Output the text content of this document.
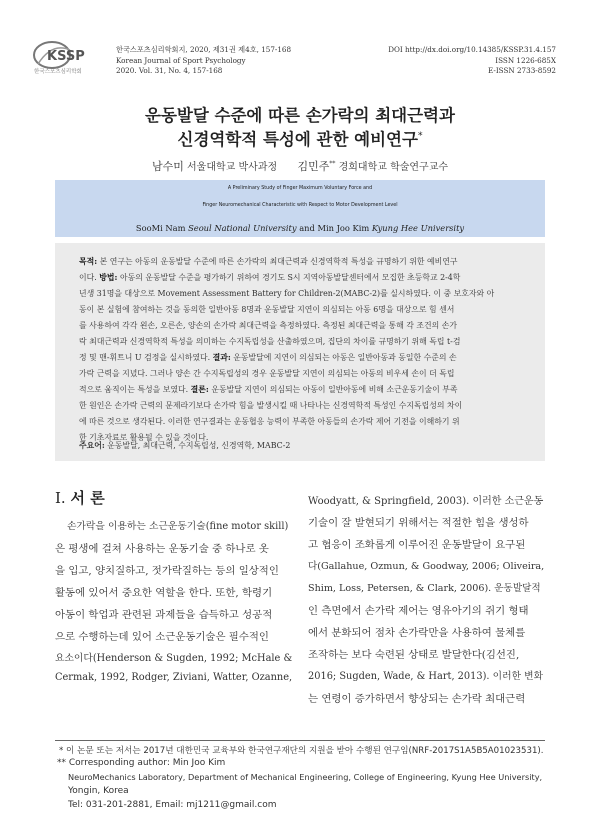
KSSP
한국스포츠심리학회
한국스포츠심리학회지, 2020, 제31권 제4호, 157-168
Korean Journal of Sport Psychology
2020. Vol. 31, No. 4, 157-168
DOI http://dx.doi.org/10.14385/KSSP.31.4.157
ISSN 1226-685X
E-ISSN 2733-8592
운동발달 수준에 따른 손가락의 최대근력과
신경역학적 특성에 관한 예비연구*
남수미 서울대학교 박사과정 김민주** 경희대학교 학술연구교수
A Preliminary Study of Finger Maximum Voluntary Force and
Finger Neuromechanical Characteristic with Respect to Motor Development Level
SooMi Nam Seoul National University and Min Joo Kim Kyung Hee University
목적: 본 연구는 아동의 운동발달 수준에 따른 손가락의 최대근력과 신경역학적 특성을 규명하기 위한 예비연구
이다. 방법: 아동의 운동발달 수준을 평가하기 위하여 경기도 S시 지역아동발달센터에서 모집한 초등학교 2-4학
년생 31명을 대상으로 Movement Assessment Battery for Children-2(MABC-2)를 실시하였다. 이 중 보호자와 아
동이 본 실험에 참여하는 것을 동의한 일반아동 8명과 운동발달 지연이 의심되는 아동 6명을 대상으로 힘 센서
를 사용하여 각각 왼손, 오른손, 양손의 손가락 최대근력을 측정하였다. 측정된 최대근력을 통해 각 조건의 손가
락 최대근력과 신경역학적 특성을 의미하는 수지독립성을 산출하였으며, 집단의 차이를 규명하기 위해 독립 t-검
정 및 맨-휘트니 U 검정을 실시하였다. 결과: 운동발달에 지연이 의심되는 아동은 일반아동과 동일한 수준의 손
가락 근력을 지녔다. 그러나 양손 간 수지독립성의 경우 운동발달 지연이 의심되는 아동의 비우세 손이 더 독립
적으로 움직이는 특성을 보였다. 결론: 운동발달 지연이 의심되는 아동이 일반아동에 비해 소근운동기술이 부족
한 원인은 손가락 근력의 문제라기보다 손가락 힘을 발생시킬 때 나타나는 신경역학적 특성인 수지독립성의 차이
에 따른 것으로 생각된다. 이러한 연구결과는 운동협응 능력이 부족한 아동들의 손가락 제어 기전을 이해하기 위
한 기초자료로 활용될 수 있을 것이다.
주요어: 운동발달, 최대근력, 수지독립성, 신경역학, MABC-2
I. 서 론
손가락을 이용하는 소근운동기술(fine motor skill)
은 평생에 걸쳐 사용하는 운동기술 중 하나로 옷
을 입고, 양치질하고, 젓가락질하는 등의 일상적인
활동에 있어서 중요한 역할을 한다. 또한, 학령기
아동이 학업과 관련된 과제들을 습득하고 성공적
으로 수행하는데 있어 소근운동기술은 필수적인
요소이다(Henderson & Sugden, 1992; McHale &
Cermak, 1992, Rodger, Ziviani, Watter, Ozanne,
Woodyatt, & Springfield, 2003). 이러한 소근운동
기술이 잘 발현되기 위해서는 적절한 힘을 생성하
고 협응이 조화롭게 이루어진 운동발달이 요구된
다(Gallahue, Ozmun, & Goodway, 2006; Oliveira,
Shim, Loss, Petersen, & Clark, 2006). 운동발달적
인 측면에서 손가락 제어는 영유아기의 쥐기 형태
에서 분화되어 점차 손가락만을 사용하여 물체를
조작하는 보다 숙련된 상태로 발달한다(김선진,
2016; Sugden, Wade, & Hart, 2013). 이러한 변화
는 연령이 증가하면서 향상되는 손가락 최대근력
* 이 논문 또는 저서는 2017년 대한민국 교육부와 한국연구재단의 지원을 받아 수행된 연구임(NRF-2017S1A5B5A01023531).
** Corresponding author: Min Joo Kim
NeuroMechanics Laboratory, Department of Mechanical Engineering, College of Engineering, Kyung Hee University,
Yongin, Korea
Tel: 031-201-2881, Email: mj1211@gmail.com
